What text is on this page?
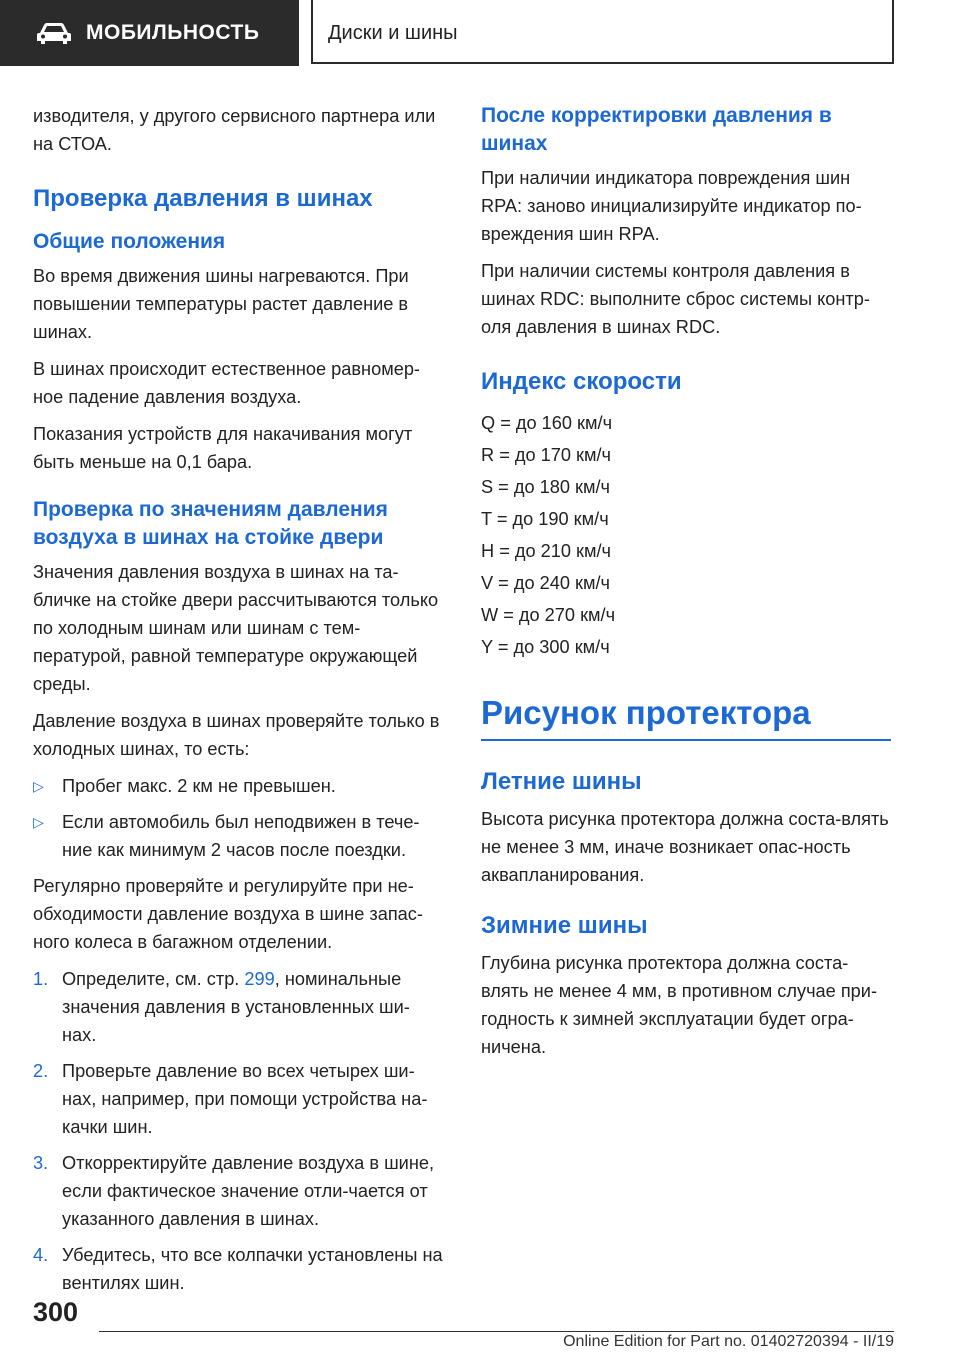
МОБИЛЬНОСТЬ	Диски и шины

изводителя, у другого сервисного партнера или на СТОА.

Проверка давления в шинах
Общие положения

Во время движения шины нагреваются. При повышении температуры растет давление в шинах.

В шинах происходит естественное равномер-ное падение давления воздуха.

Показания устройств для накачивания могут быть меньше на 0,1 бара.

Проверка по значениям давления воздуха в шинах на стойке двери

Значения давления воздуха в шинах на та-бличке на стойке двери рассчитываются только по холодным шинам или шинам с тем-пературой, равной температуре окружающей среды.

Давление воздуха в шинах проверяйте только в холодных шинах, то есть:

▷ Пробег макс. 2 км не превышен.
▷ Если автомобиль был неподвижен в тече-ние как минимум 2 часов после поездки.

Регулярно проверяйте и регулируйте при не-обходимости давление воздуха в шине запас-ного колеса в багажном отделении.

1. Определите, см. стр. 299, номинальные значения давления в установленных ши-нах.
2. Проверьте давление во всех четырех ши-нах, например, при помощи устройства на-качки шин.
3. Откорректируйте давление воздуха в шине, если фактическое значение отли-чается от указанного давления в шинах.
4. Убедитесь, что все колпачки установлены на вентилях шин.
После корректировки давления в шинах

При наличии индикатора повреждения шин RPA: заново инициализируйте индикатор по-вреждения шин RPA.

При наличии системы контроля давления в шинах RDC: выполните сброс системы контр-оля давления в шинах RDC.

Индекс скорости

Q = до 160 км/ч

R = до 170 км/ч

S = до 180 км/ч

T = до 190 км/ч

H = до 210 км/ч

V = до 240 км/ч

W = до 270 км/ч

Y = до 300 км/ч

Рисунок протектора
Летние шины

Высота рисунка протектора должна соста-влять не менее 3 мм, иначе возникает опас-ность аквапланирования.

Зимние шины

Глубина рисунка протектора должна соста-влять не менее 4 мм, в противном случае при-годность к зимней эксплуатации будет огра-ничена.

300
Online Edition for Part no. 01402720394 - II/19
